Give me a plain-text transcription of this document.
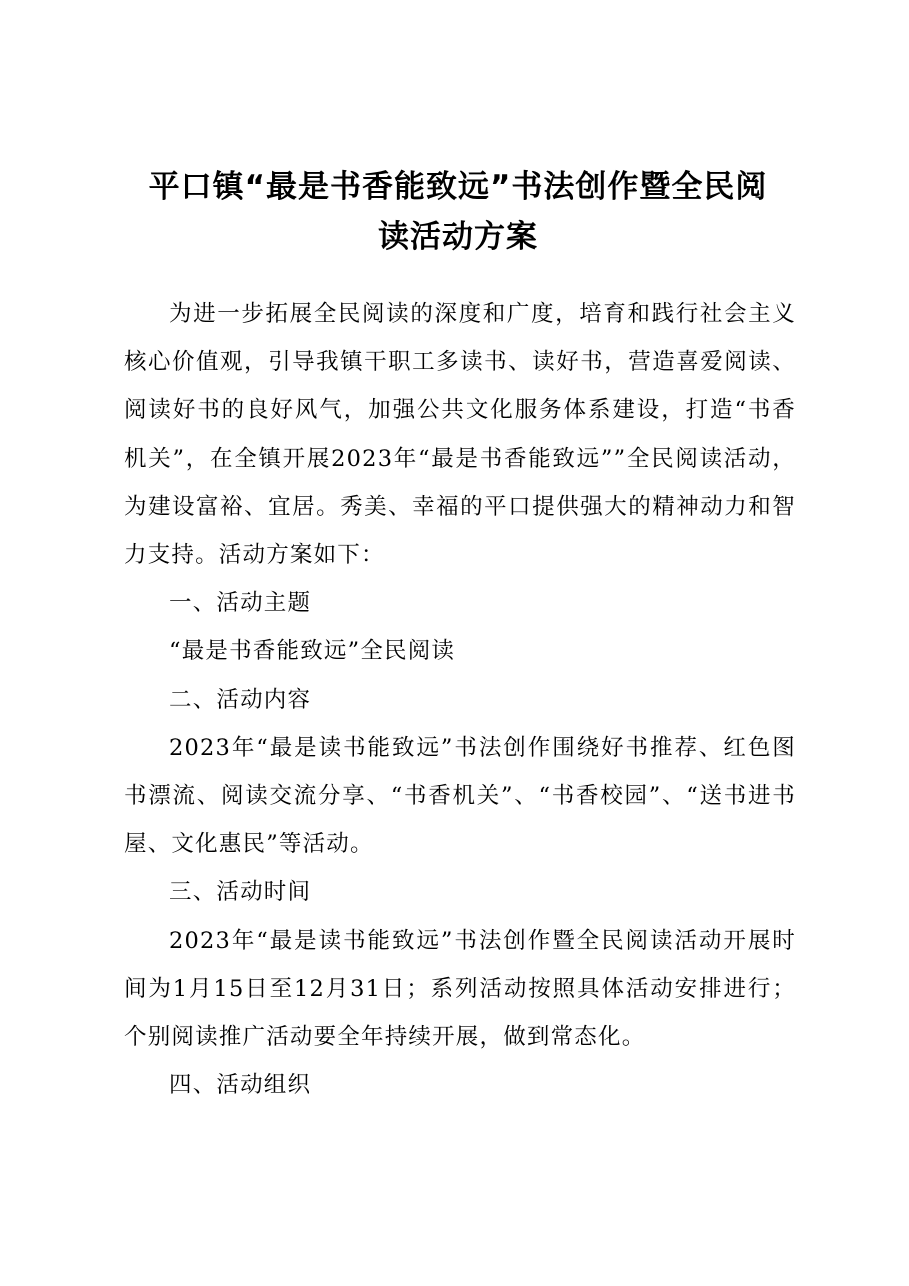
平口镇“最是书香能致远”书法创作暨全民阅
读活动方案

为进一步拓展全民阅读的深度和广度，培育和践行社会主义核心价值观，引导我镇干职工多读书、读好书，营造喜爱阅读、阅读好书的良好风气，加强公共文化服务体系建设，打造“书香机关”，在全镇开展2023年“最是书香能致远””全民阅读活动，为建设富裕、宜居。秀美、幸福的平口提供强大的精神动力和智力支持。活动方案如下：

一、活动主题

“最是书香能致远”全民阅读

二、活动内容

2023年“最是读书能致远”书法创作围绕好书推荐、红色图书漂流、阅读交流分享、“书香机关”、“书香校园”、“送书进书屋、文化惠民”等活动。

三、活动时间

2023年“最是读书能致远”书法创作暨全民阅读活动开展时间为1月15日至12月31日；系列活动按照具体活动安排进行；个别阅读推广活动要全年持续开展，做到常态化。

四、活动组织
